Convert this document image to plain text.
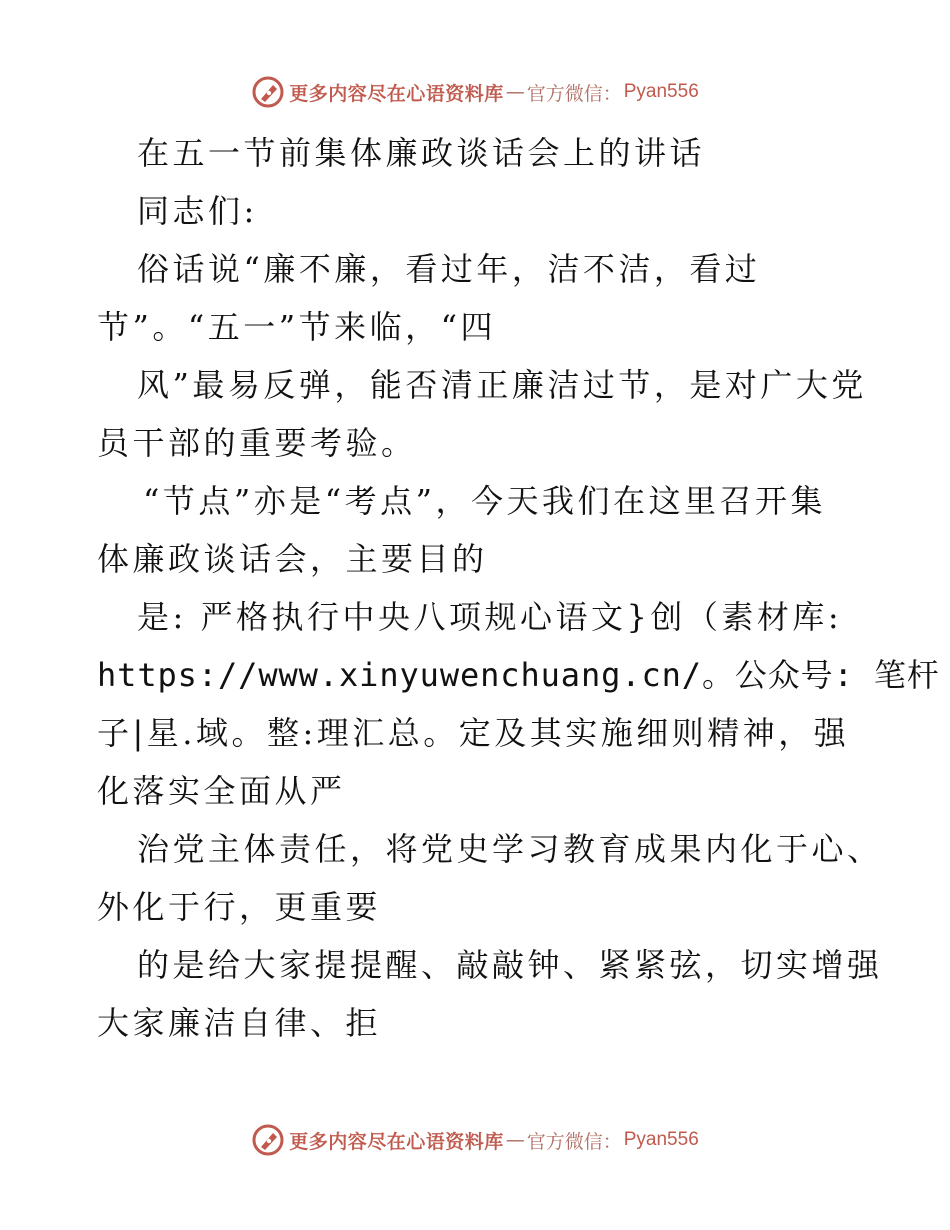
更多内容尽在心语资料库 — 官方微信： Pyan556
在五一节前集体廉政谈话会上的讲话
同志们:
俗话说“廉不廉，看过年，洁不洁，看过
节”。“五一”节来临，“四
风”最易反弹，能否清正廉洁过节，是对广大党
员干部的重要考验。
“节点”亦是“考点”，今天我们在这里召开集
体廉政谈话会，主要目的
是: 严格执行中央八项规心语文}创（素材库:
https://www.xinyuwenchuang.cn/。公众号: 笔杆
子|星.域。整:理汇总。定及其实施细则精神，强
化落实全面从严
治党主体责任，将党史学习教育成果内化于心、
外化于行，更重要
的是给大家提提醒、敲敲钟、紧紧弦，切实增强
大家廉洁自律、拒
更多内容尽在心语资料库 — 官方微信： Pyan556
